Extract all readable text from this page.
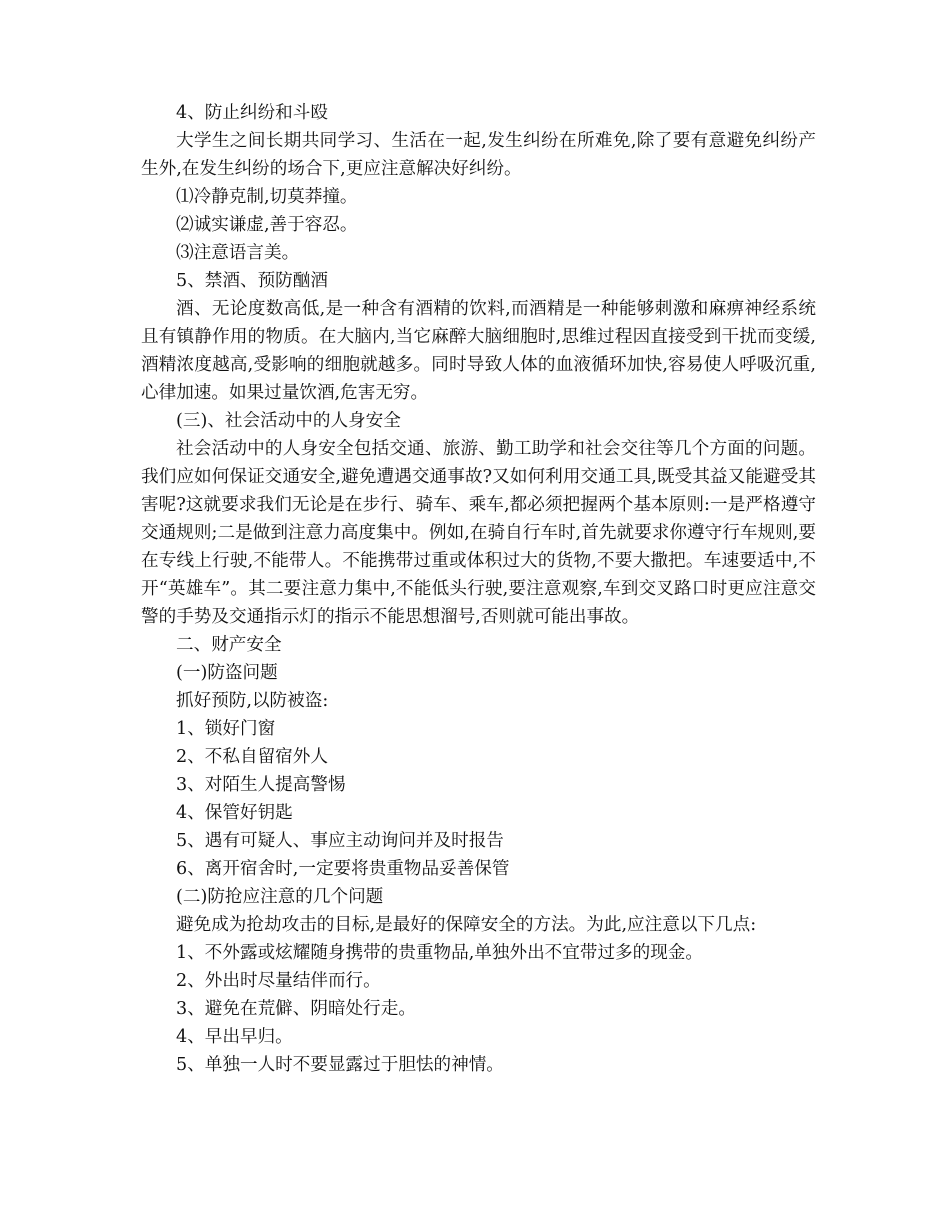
4、防止纠纷和斗殴

大学生之间长期共同学习、生活在一起,发生纠纷在所难免,除了要有意避免纠纷产生外,在发生纠纷的场合下,更应注意解决好纠纷。

⑴冷静克制,切莫莽撞。

⑵诚实谦虚,善于容忍。

⑶注意语言美。

5、禁酒、预防酗酒

酒、无论度数高低,是一种含有酒精的饮料,而酒精是一种能够刺激和麻痹神经系统且有镇静作用的物质。在大脑内,当它麻醉大脑细胞时,思维过程因直接受到干扰而变缓,酒精浓度越高,受影响的细胞就越多。同时导致人体的血液循环加快,容易使人呼吸沉重,心律加速。如果过量饮酒,危害无穷。

(三)、社会活动中的人身安全

社会活动中的人身安全包括交通、旅游、勤工助学和社会交往等几个方面的问题。我们应如何保证交通安全,避免遭遇交通事故?又如何利用交通工具,既受其益又能避受其害呢?这就要求我们无论是在步行、骑车、乘车,都必须把握两个基本原则:一是严格遵守交通规则;二是做到注意力高度集中。例如,在骑自行车时,首先就要求你遵守行车规则,要在专线上行驶,不能带人。不能携带过重或体积过大的货物,不要大撒把。车速要适中,不开“英雄车”。其二要注意力集中,不能低头行驶,要注意观察,车到交叉路口时更应注意交警的手势及交通指示灯的指示不能思想溜号,否则就可能出事故。

二、财产安全

(一)防盗问题

抓好预防,以防被盗:

1、锁好门窗

2、不私自留宿外人

3、对陌生人提高警惕

4、保管好钥匙

5、遇有可疑人、事应主动询问并及时报告

6、离开宿舍时,一定要将贵重物品妥善保管

(二)防抢应注意的几个问题

避免成为抢劫攻击的目标,是最好的保障安全的方法。为此,应注意以下几点:

1、不外露或炫耀随身携带的贵重物品,单独外出不宜带过多的现金。

2、外出时尽量结伴而行。

3、避免在荒僻、阴暗处行走。

4、早出早归。

5、单独一人时不要显露过于胆怯的神情。
